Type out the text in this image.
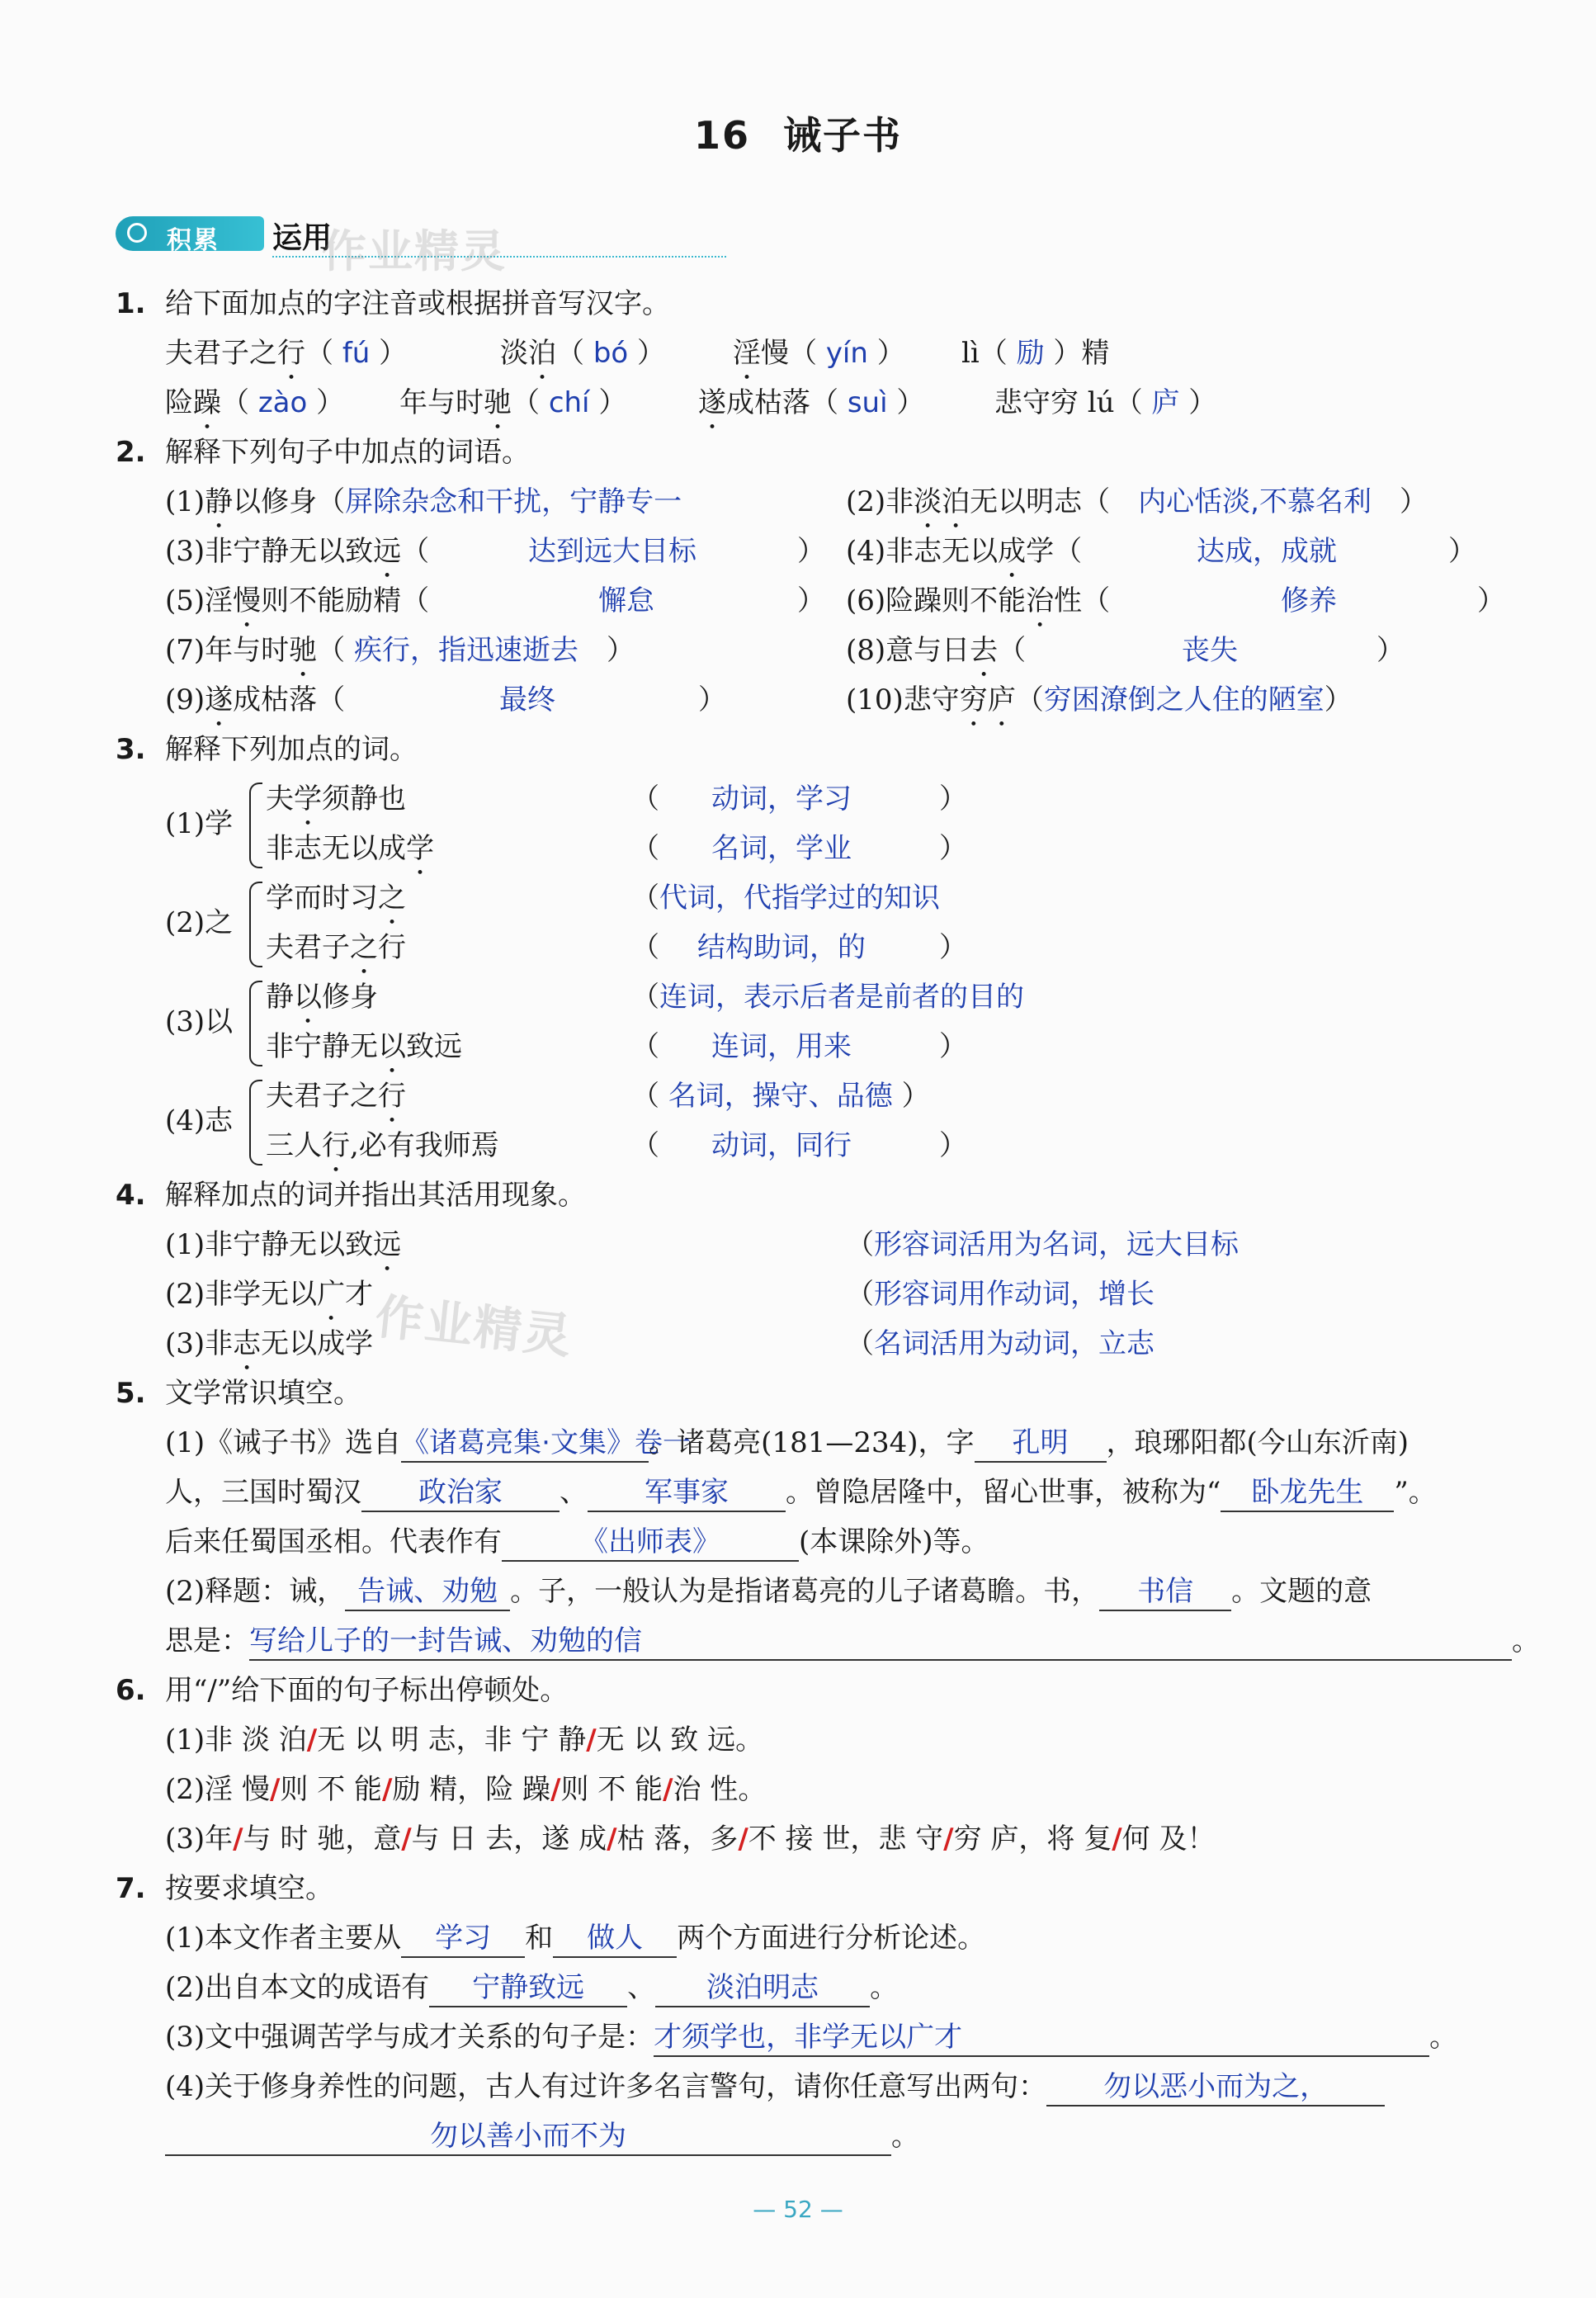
16 诫子书
积累 运用
作业精灵
作业精灵
1. 给下面加点的字注音或根据拼音写汉字。
夫君子之行（ fú ）	淡泊（ bó ） 淫慢（ yín ） lì（ 励 ）精
险躁（ zào ） 年与时驰（ chí ）	遂成枯落（ suì ） 悲守穷 lú（ 庐 ）
2. 解释下列句子中加点的词语。
(1)静以修身（屏除杂念和干扰，宁静专一	(2)非淡泊无以明志（　内心恬淡,不慕名利　）
(3)非宁静无以致远（	达到远大目标	） (4)非志无以成学（	达成，成就	）
(5)淫慢则不能励精（	懈怠	） (6)险躁则不能治性（	修养	）
(7)年与时驰（ 疾行，指迅速逝去　）	(8)意与日去（	丧失	）
(9)遂成枯落（	最终	）	(10)悲守穷庐（穷困潦倒之人住的陋室）
3. 解释下列加点的词。
(1)学
夫学须静也	（ 动词，学习	）
非志无以成学	（ 名词，学业	）
(2)之
学而时习之	（代词，代指学过的知识
夫君子之行	（ 结构助词，的	）
(3)以
静以修身	（连词，表示后者是前者的目的
非宁静无以致远	（ 连词，用来	）
(4)志
夫君子之行	（ 名词，操守、品德 ）
三人行,必有我师焉	（ 动词，同行	）
4. 解释加点的词并指出其活用现象。
(1)非宁静无以致远	（形容词活用为名词，远大目标
(2)非学无以广才	（形容词用作动词，增长
(3)非志无以成学	（名词活用为动词，立志
5. 文学常识填空。
(1)《诫子书》选自《诸葛亮集·文集》卷一。诸葛亮(181—234)，字 孔明 ，琅琊阳都(今山东沂南)
人，三国时蜀汉 政治家 、 军事家 。曾隐居隆中，留心世事，被称为“ 卧龙先生 ”。
后来任蜀国丞相。代表作有	《出师表》	(本课除外)等。
(2)释题：诫， 告诫、劝勉 。子，一般认为是指诸葛亮的儿子诸葛瞻。书， 书信 。文题的意
思是：写给儿子的一封告诫、劝勉的信	。
6. 用“/”给下面的句子标出停顿处。
(1)非 淡 泊/无 以 明 志，非 宁 静/无 以 致 远。
(2)淫 慢/则 不 能/励 精，险 躁/则 不 能/治 性。
(3)年/与 时 驰，意/与 日 去，遂 成/枯 落，多/不 接 世，悲 守/穷 庐，将 复/何 及！
7. 按要求填空。
(1)本文作者主要从 学习 和 做人 两个方面进行分析论述。
(2)出自本文的成语有 宁静致远 、 淡泊明志 。
(3)文中强调苦学与成才关系的句子是：才须学也，非学无以广才	。
(4)关于修身养性的问题，古人有过许多名言警句，请你任意写出两句： 勿以恶小而为之，
勿以善小而不为	。
— 52 —
